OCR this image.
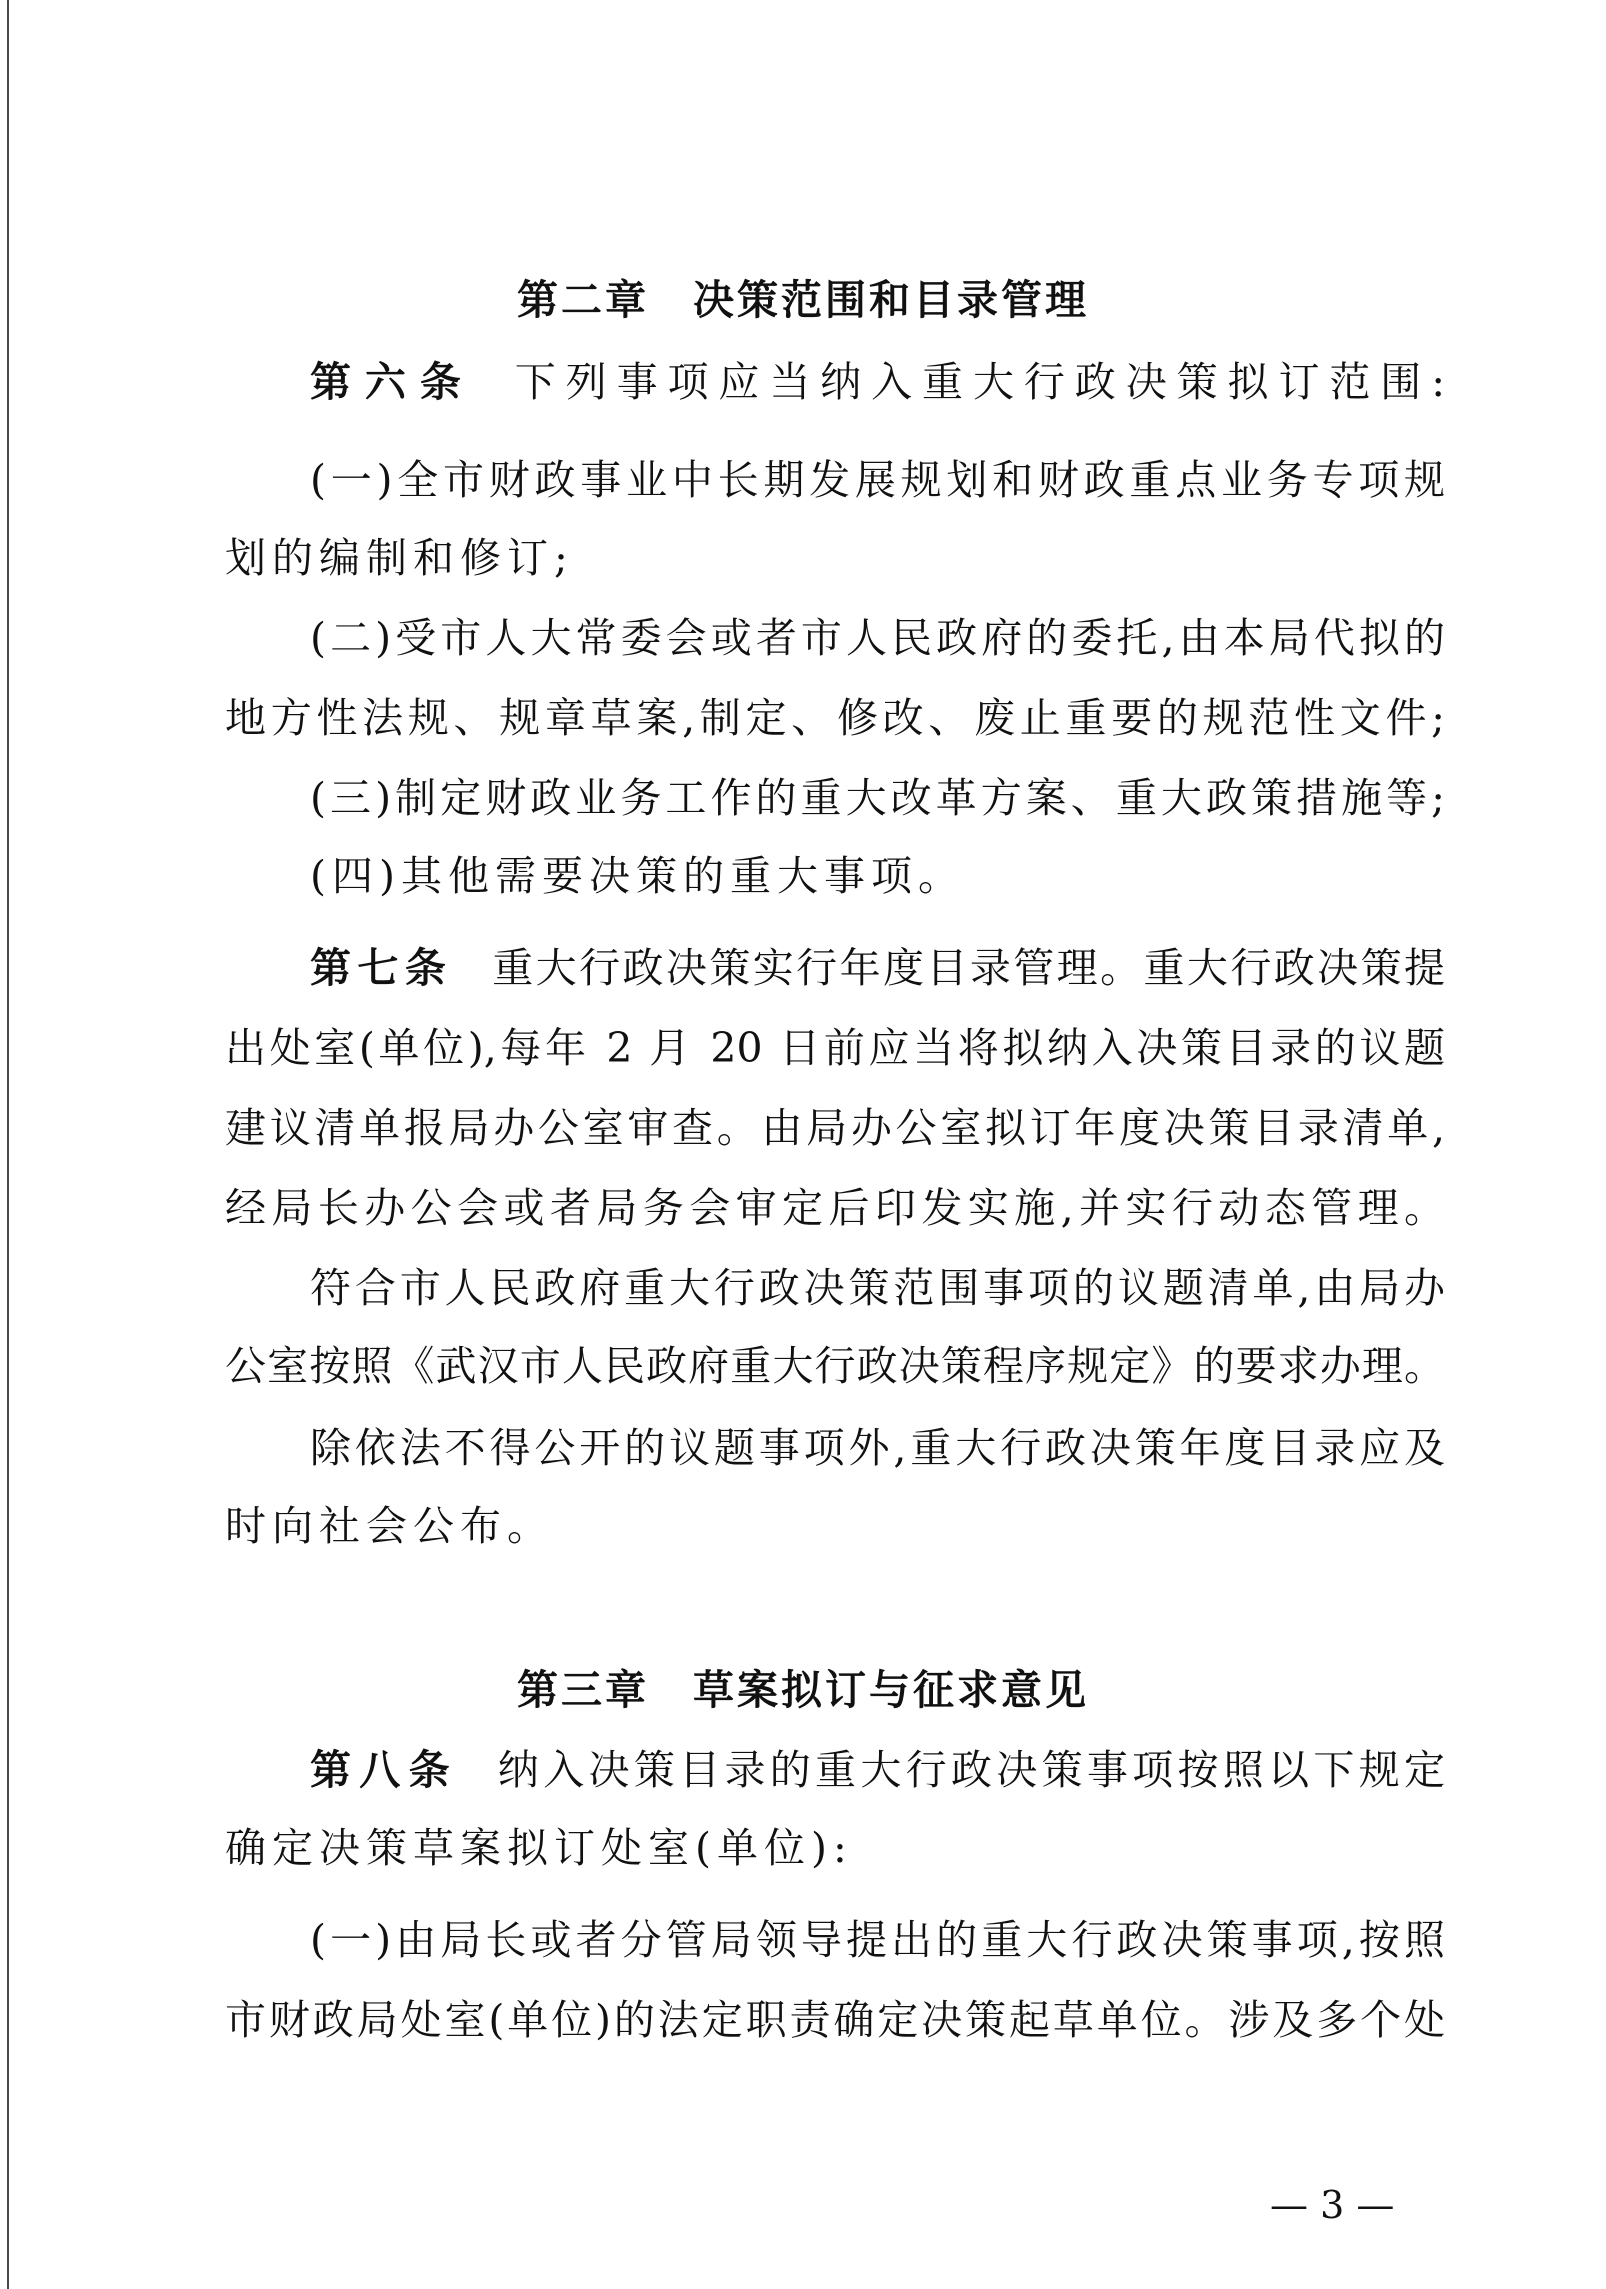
第二章　决策范围和目录管理
第六条 下列事项应当纳入重大行政决策拟订范围:
(一)全市财政事业中长期发展规划和财政重点业务专项规
划的编制和修订;
(二)受市人大常委会或者市人民政府的委托,由本局代拟的
地方性法规、规章草案,制定、修改、废止重要的规范性文件;
(三)制定财政业务工作的重大改革方案、重大政策措施等;
(四)其他需要决策的重大事项。
第七条 重大行政决策实行年度目录管理。重大行政决策提
出处室(单位),每年 2 月 20 日前应当将拟纳入决策目录的议题
建议清单报局办公室审查。由局办公室拟订年度决策目录清单,
经局长办公会或者局务会审定后印发实施,并实行动态管理。
符合市人民政府重大行政决策范围事项的议题清单,由局办
公室按照《武汉市人民政府重大行政决策程序规定》的要求办理。
除依法不得公开的议题事项外,重大行政决策年度目录应及
时向社会公布。
第三章　草案拟订与征求意见
第八条 纳入决策目录的重大行政决策事项按照以下规定
确定决策草案拟订处室(单位):
(一)由局长或者分管局领导提出的重大行政决策事项,按照
市财政局处室(单位)的法定职责确定决策起草单位。涉及多个处
— 3 —
